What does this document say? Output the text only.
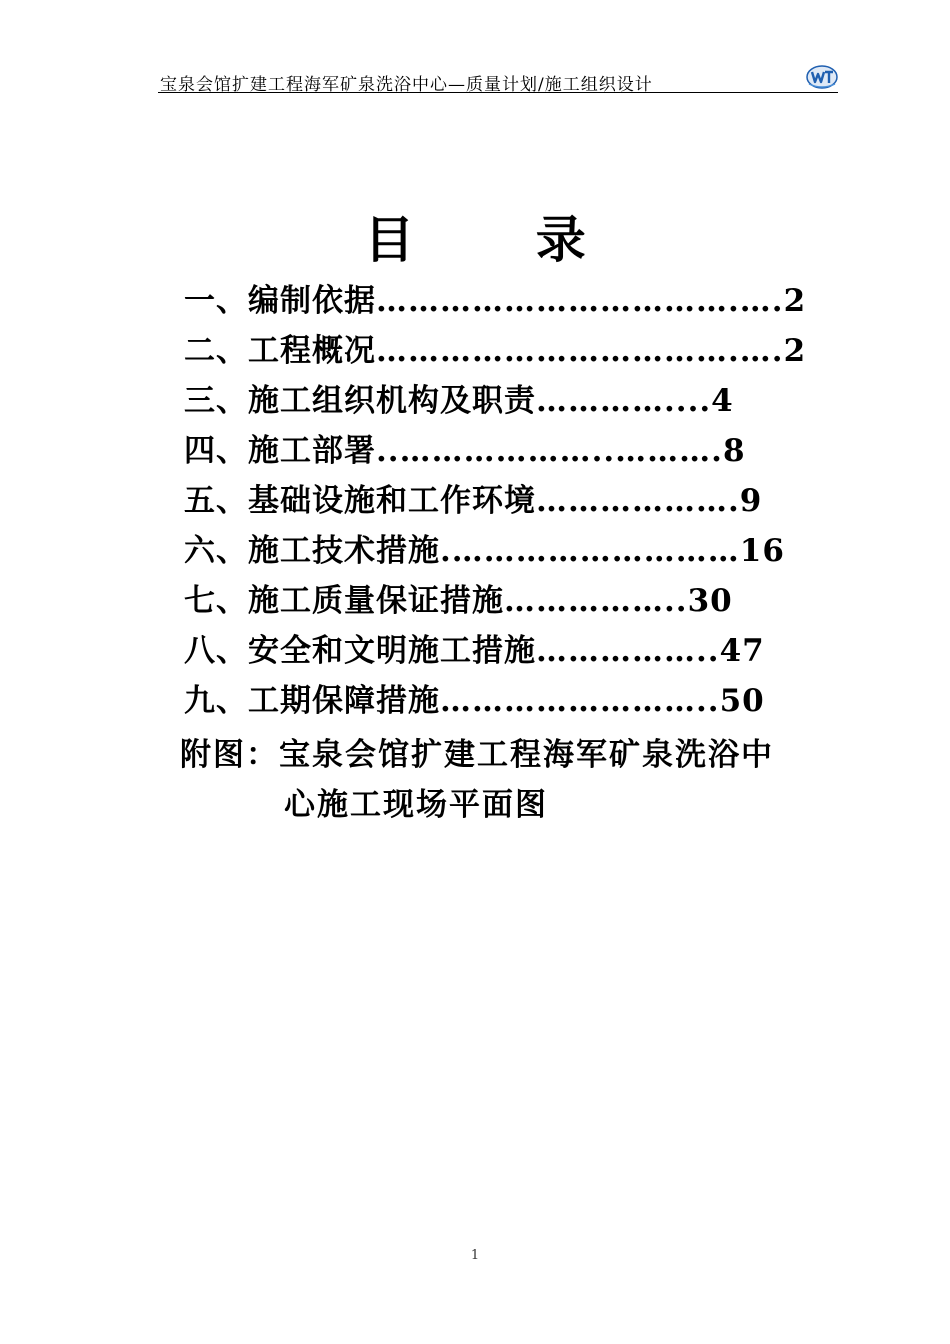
宝泉会馆扩建工程海军矿泉洗浴中心—质量计划/施工组织设计
目 录
一、编制依据…………………………….….2
二、工程概况…………………………….….2
三、施工组织机构及职责…………....4
四、施工部署..………………..……….8
五、基础设施和工作环境……………….9
六、施工技术措施.………………………16
七、施工质量保证措施……………..30
八、安全和文明施工措施……………..47
九、工期保障措施……………………..50
附图：宝泉会馆扩建工程海军矿泉洗浴中
心施工现场平面图
1
